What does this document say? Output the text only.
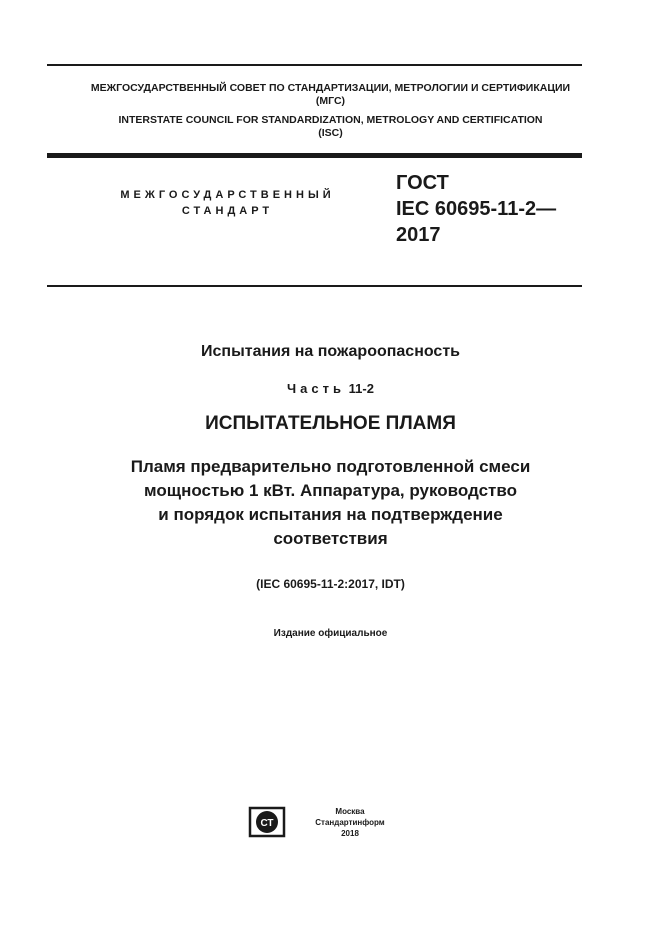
МЕЖГОСУДАРСТВЕННЫЙ СОВЕТ ПО СТАНДАРТИЗАЦИИ, МЕТРОЛОГИИ И СЕРТИФИКАЦИИ
(МГС)
INTERSTATE COUNCIL FOR STANDARDIZATION, METROLOGY AND CERTIFICATION
(ISC)
МЕЖГОСУДАРСТВЕННЫЙ
СТАНДАРТ
ГОСТ
IEC 60695-11-2—
2017
Испытания на пожароопасность
Часть 11-2
ИСПЫТАТЕЛЬНОЕ ПЛАМЯ
Пламя предварительно подготовленной смеси
мощностью 1 кВт. Аппаратура, руководство
и порядок испытания на подтверждение
соответствия
(IEC 60695-11-2:2017, IDT)
Издание официальное
СТ
Москва
Стандартинформ
2018
